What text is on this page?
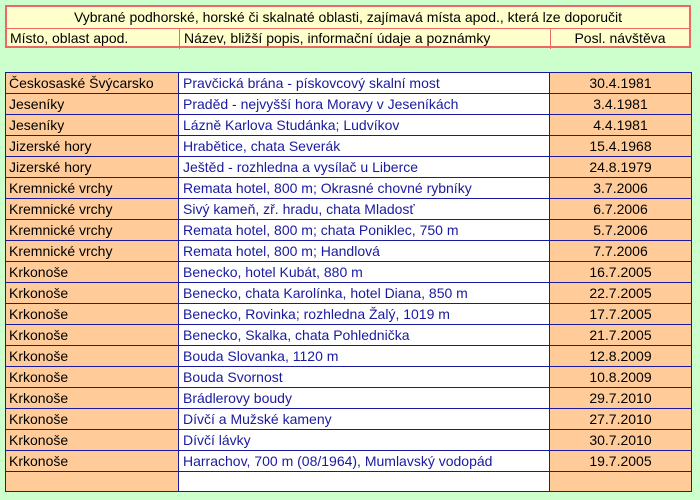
Vybrané podhorské, horské či skalnaté oblasti, zajímavá místa apod., která lze doporučit
Místo, oblast apod.	Název, bližší popis, informační údaje a poznámky	Posl. návštěva
Českosaské Švýcarsko	Pravčická brána - pískovcový skalní most	30.4.1981
Jeseníky	Praděd - nejvyšší hora Moravy v Jeseníkách	3.4.1981
Jeseníky	Lázně Karlova Studánka; Ludvíkov	4.4.1981
Jizerské hory	Hrabětice, chata Severák	15.4.1968
Jizerské hory	Ještěd - rozhledna a vysílač u Liberce	24.8.1979
Kremnické vrchy	Remata hotel, 800 m; Okrasné chovné rybníky	3.7.2006
Kremnické vrchy	Sivý kameň, zř. hradu, chata Mladosť	6.7.2006
Kremnické vrchy	Remata hotel, 800 m; chata Poniklec, 750 m	5.7.2006
Kremnické vrchy	Remata hotel, 800 m; Handlová	7.7.2006
Krkonoše	Benecko, hotel Kubát, 880 m	16.7.2005
Krkonoše	Benecko, chata Karolínka, hotel Diana, 850 m	22.7.2005
Krkonoše	Benecko, Rovinka; rozhledna Žalý, 1019 m	17.7.2005
Krkonoše	Benecko, Skalka, chata Pohlednička	21.7.2005
Krkonoše	Bouda Slovanka, 1120 m	12.8.2009
Krkonoše	Bouda Svornost	10.8.2009
Krkonoše	Brádlerovy boudy	29.7.2010
Krkonoše	Dívčí a Mužské kameny	27.7.2010
Krkonoše	Dívčí lávky	30.7.2010
Krkonoše	Harrachov, 700 m (08/1964), Mumlavský vodopád	19.7.2005
